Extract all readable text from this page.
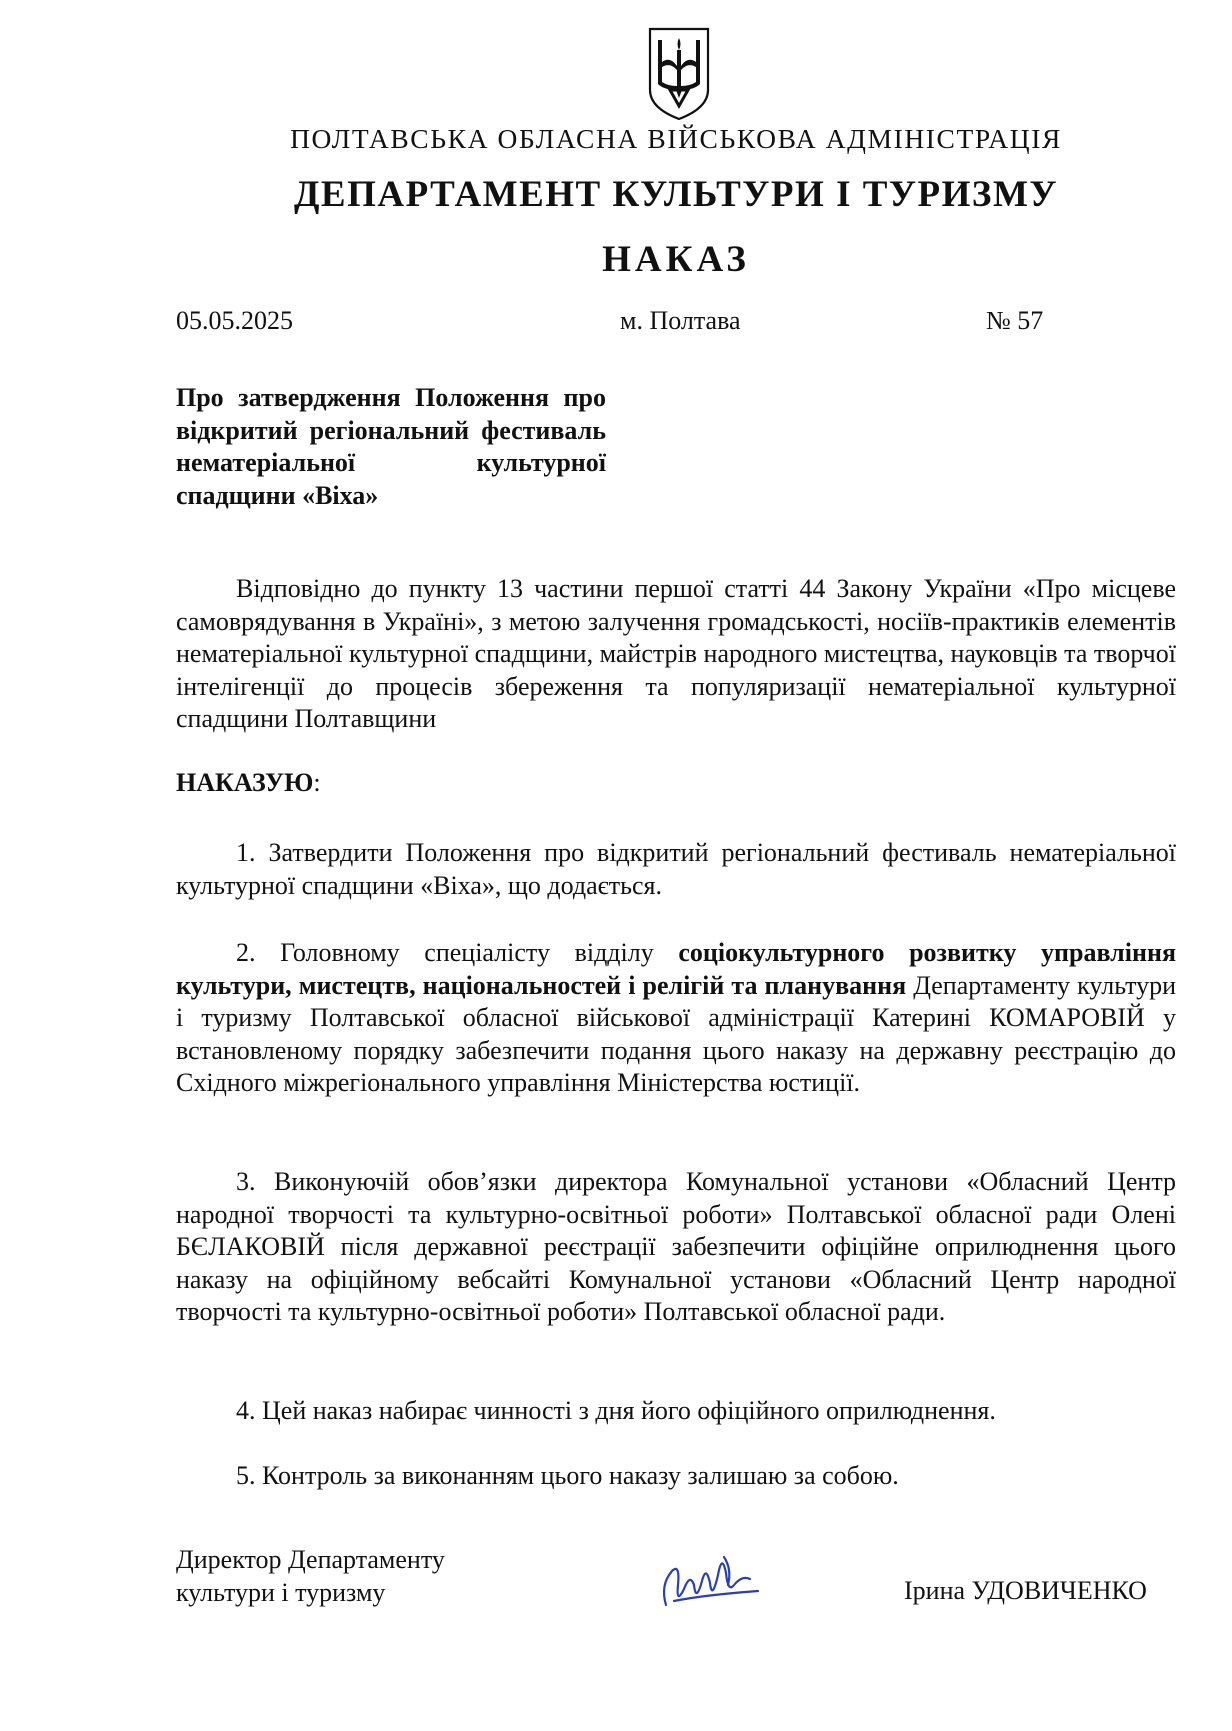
ПОЛТАВСЬКА ОБЛАСНА ВІЙСЬКОВА АДМІНІСТРАЦІЯ
ДЕПАРТАМЕНТ КУЛЬТУРИ І ТУРИЗМУ
НАКАЗ
05.05.2025	м. Полтава	№ 57
Про затвердження Положення про відкритий регіональний фестиваль нематеріальної культурної спадщини «Віха»

Відповідно до пункту 13 частини першої статті 44 Закону України «Про місцеве самоврядування в Україні», з метою залучення громадськості, носіїв-практиків елементів нематеріальної культурної спадщини, майстрів народного мистецтва, науковців та творчої інтелігенції до процесів збереження та популяризації нематеріальної культурної спадщини Полтавщини

НАКАЗУЮ:

1. Затвердити Положення про відкритий регіональний фестиваль нематеріальної культурної спадщини «Віха», що додається.

2. Головному спеціалісту відділу соціокультурного розвитку управління культури, мистецтв, національностей і релігій та планування Департаменту культури і туризму Полтавської обласної військової адміністрації Катерині КОМАРОВІЙ у встановленому порядку забезпечити подання цього наказу на державну реєстрацію до Східного міжрегіонального управління Міністерства юстиції.

3. Виконуючій обов’язки директора Комунальної установи «Обласний Центр народної творчості та культурно-освітньої роботи» Полтавської обласної ради Олені БЄЛАКОВІЙ після державної реєстрації забезпечити офіційне оприлюднення цього наказу на офіційному вебсайті Комунальної установи «Обласний Центр народної творчості та культурно-освітньої роботи» Полтавської обласної ради.

4. Цей наказ набирає чинності з дня його офіційного оприлюднення.

5. Контроль за виконанням цього наказу залишаю за собою.

Директор Департаменту
культури і туризму	Ірина УДОВИЧЕНКО
